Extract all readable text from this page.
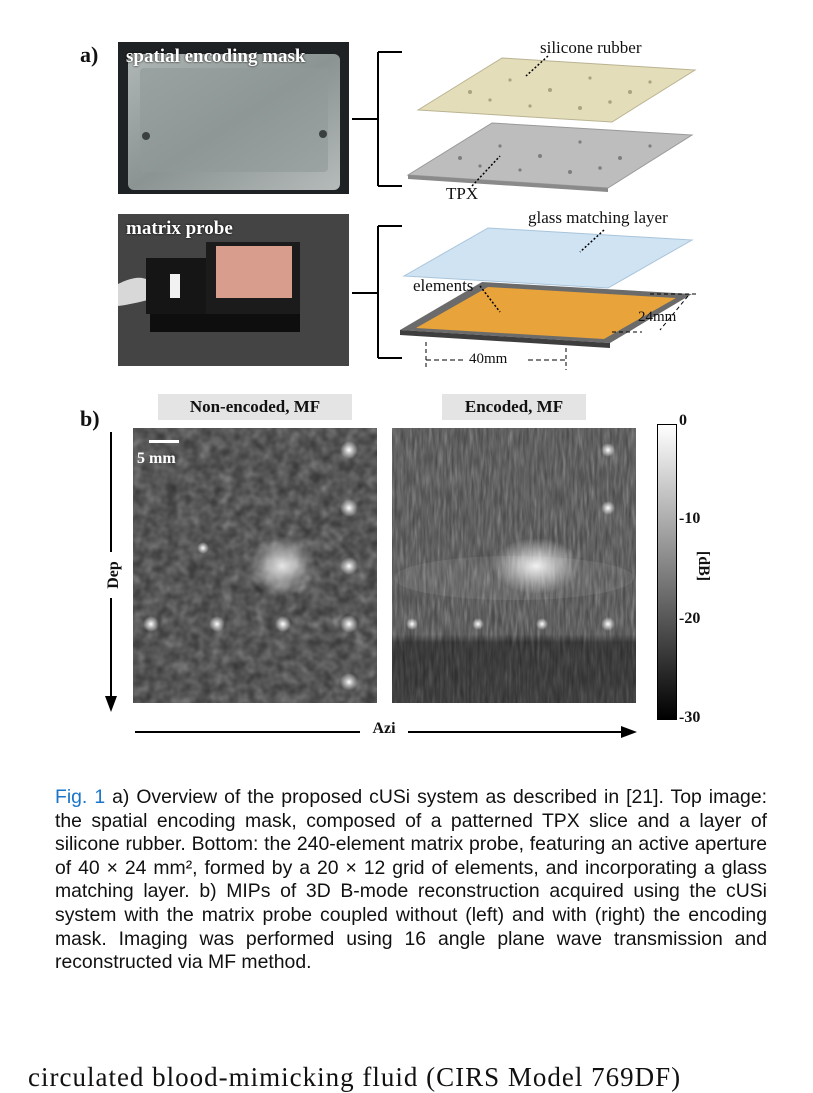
a) spatial encoding mask
matrix probe
silicone rubber
TPX
glass matching layer
elements
24mm
40mm
b)	Non-encoded, MF	Encoded, MF
5 mm
Dep
Azi
0
-10
-20
-30
[dB]
Fig. 1 a) Overview of the proposed cUSi system as described in [21]. Top image: the spatial encoding mask, composed of a patterned TPX slice and a layer of silicone rubber. Bottom: the 240-element matrix probe, featuring an active aperture of 40 × 24 mm², formed by a 20 × 12 grid of elements, and incorporating a glass matching layer. b) MIPs of 3D B-mode reconstruction acquired using the cUSi system with the matrix probe coupled without (left) and with (right) the encoding mask. Imaging was performed using 16 angle plane wave transmission and reconstructed via MF method.
circulated blood-mimicking fluid (CIRS Model 769DF)
